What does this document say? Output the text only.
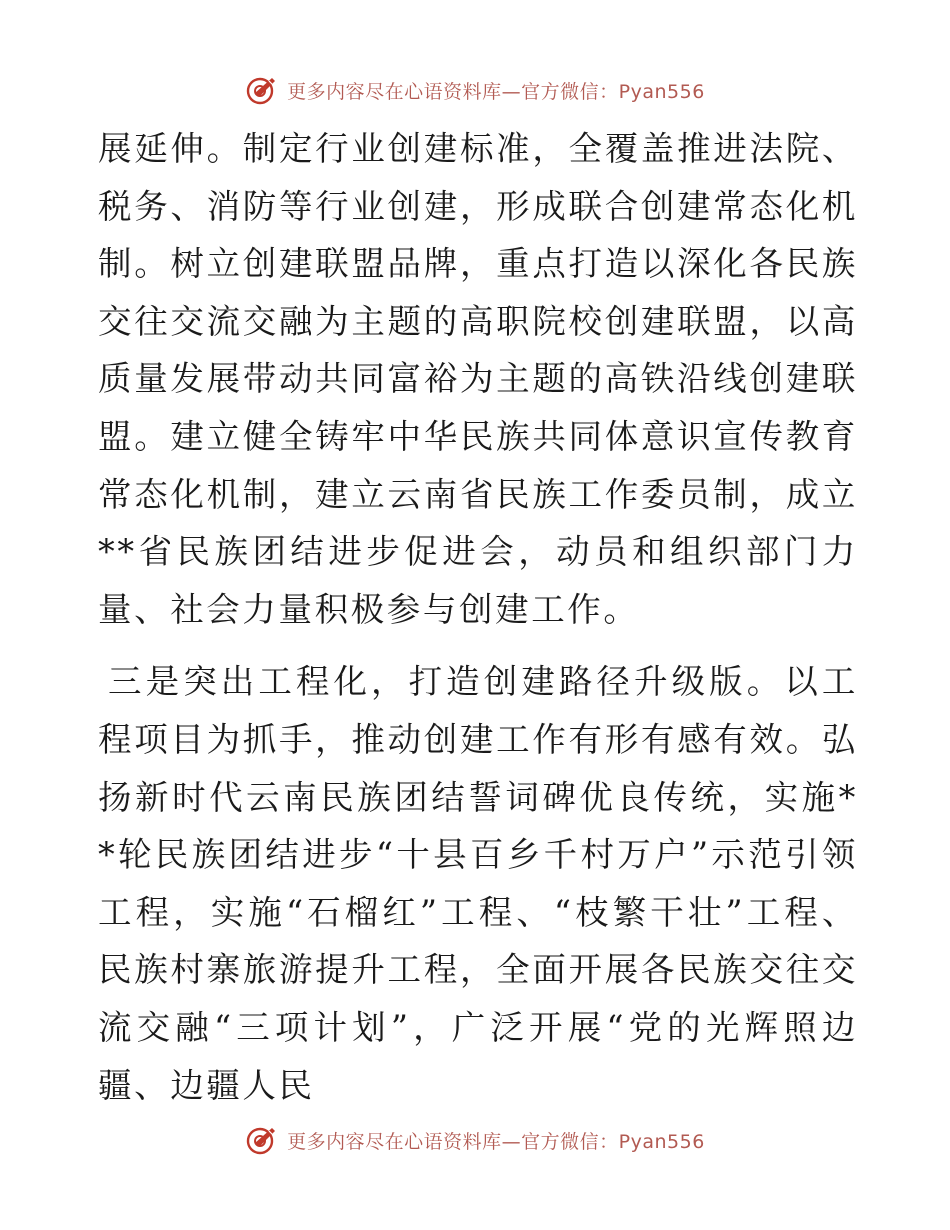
更多内容尽在心语资料库—官方微信：Pyan556

展延伸。制定行业创建标准，全覆盖推进法院、税务、消防等行业创建，形成联合创建常态化机制。树立创建联盟品牌，重点打造以深化各民族交往交流交融为主题的高职院校创建联盟，以高质量发展带动共同富裕为主题的高铁沿线创建联盟。建立健全铸牢中华民族共同体意识宣传教育常态化机制，建立云南省民族工作委员制，成立**省民族团结进步促进会，动员和组织部门力量、社会力量积极参与创建工作。

三是突出工程化，打造创建路径升级版。以工程项目为抓手，推动创建工作有形有感有效。弘扬新时代云南民族团结誓词碑优良传统，实施**轮民族团结进步“十县百乡千村万户”示范引领工程，实施“石榴红”工程、“枝繁干壮”工程、民族村寨旅游提升工程，全面开展各民族交往交流交融“三项计划”，广泛开展“党的光辉照边疆、边疆人民

更多内容尽在心语资料库—官方微信：Pyan556
